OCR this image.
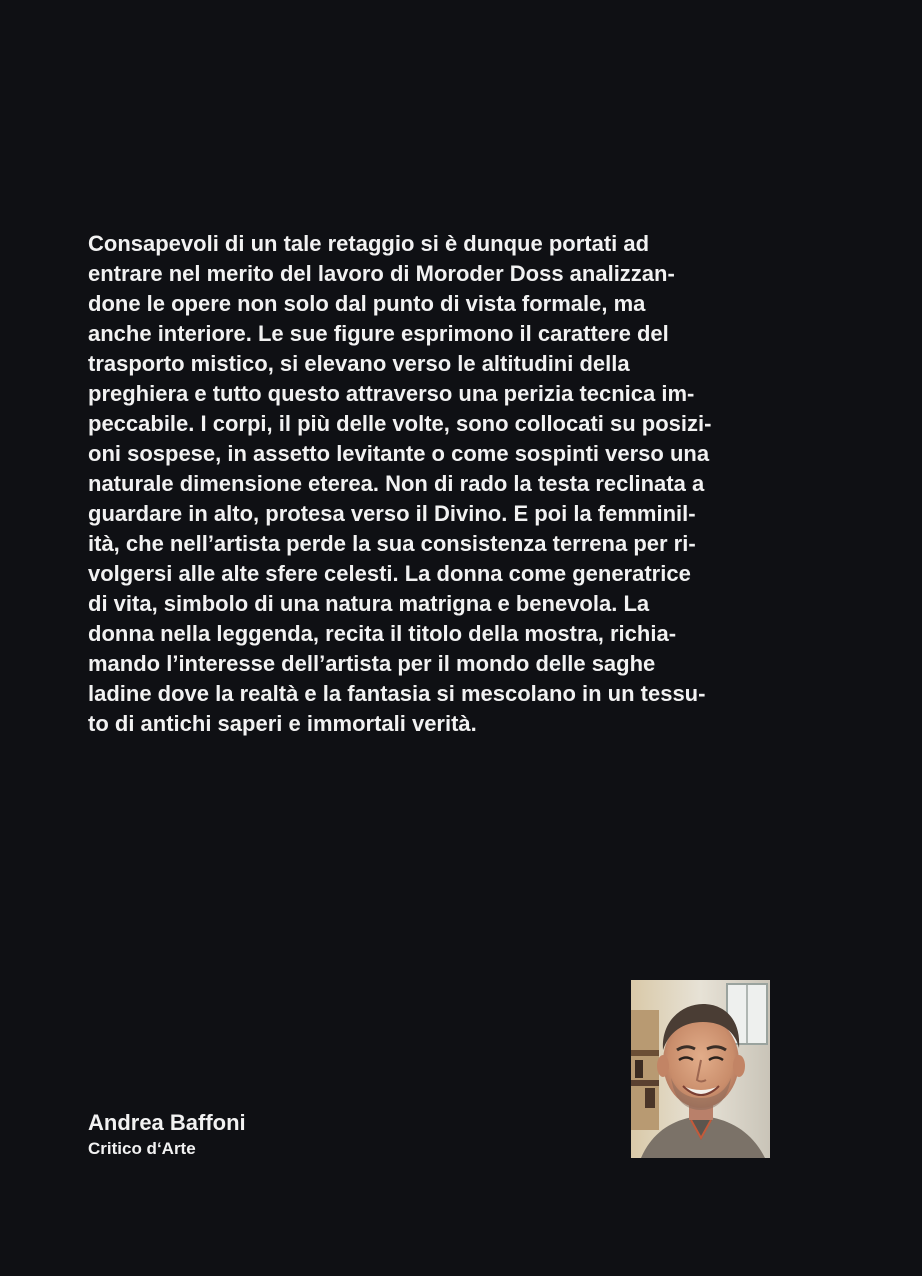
Consapevoli di un tale retaggio si è dunque portati ad
entrare nel merito del lavoro di Moroder Doss analizzan-
done le opere non solo dal punto di vista formale, ma
anche interiore. Le sue figure esprimono il carattere del
trasporto mistico, si elevano verso le altitudini della
preghiera e tutto questo attraverso una perizia tecnica im-
peccabile. I corpi, il più delle volte, sono collocati su posizi-
oni sospese, in assetto levitante o come sospinti verso una
naturale dimensione eterea. Non di rado la testa reclinata a
guardare in alto, protesa verso il Divino. E poi la femminil-
ità, che nell’artista perde la sua consistenza terrena per ri-
volgersi alle alte sfere celesti. La donna come generatrice
di vita, simbolo di una natura matrigna e benevola. La
donna nella leggenda, recita il titolo della mostra, richia-
mando l’interesse dell’artista per il mondo delle saghe
ladine dove la realtà e la fantasia si mescolano in un tessu-
to di antichi saperi e immortali verità.

Andrea Baffoni
Critico d‘Arte
